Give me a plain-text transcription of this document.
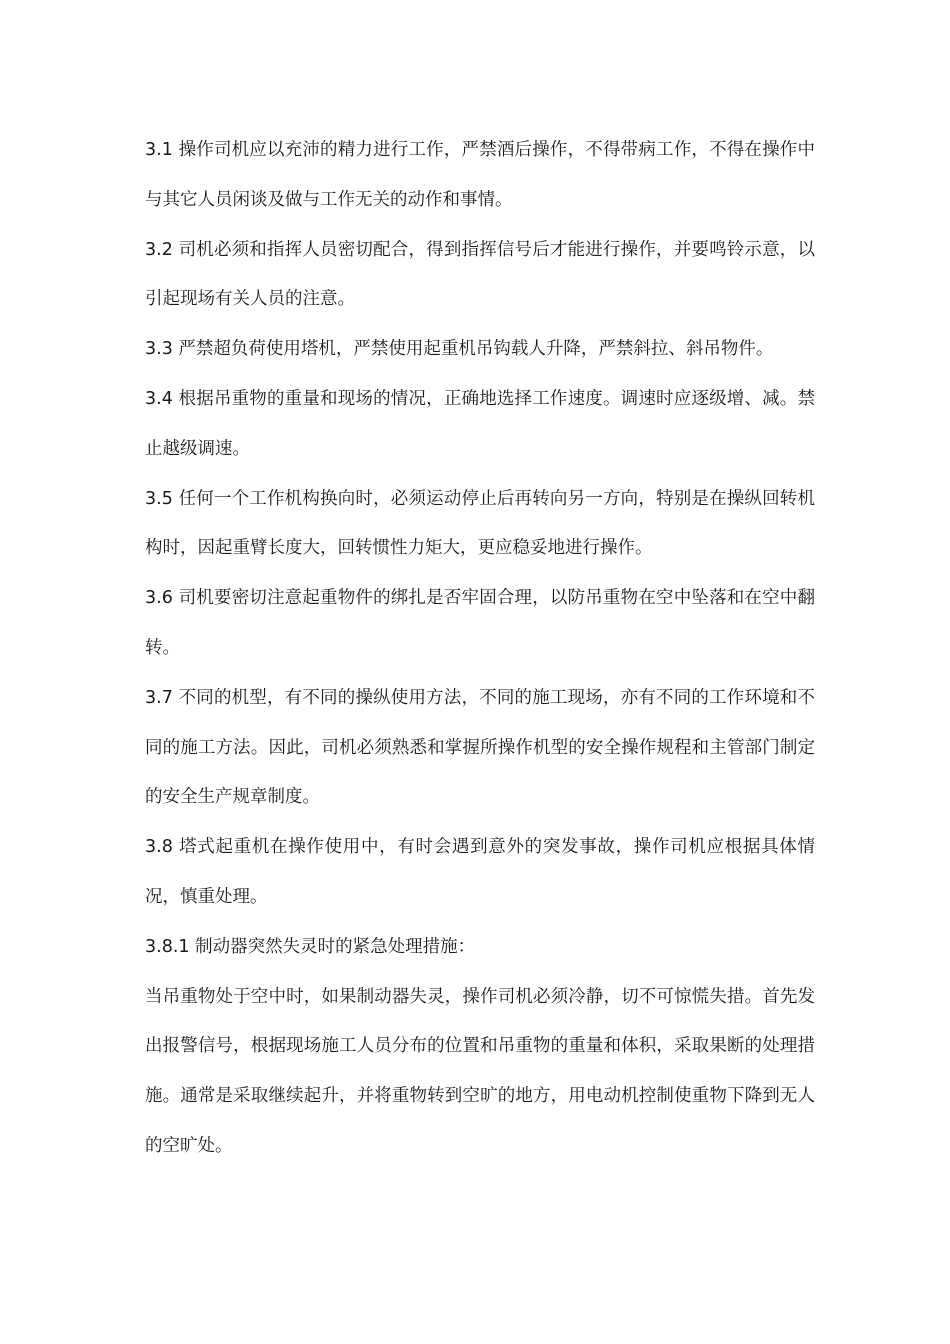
3.1 操作司机应以充沛的精力进行工作，严禁酒后操作，不得带病工作，不得在操作中与其它人员闲谈及做与工作无关的动作和事情。

3.2 司机必须和指挥人员密切配合，得到指挥信号后才能进行操作，并要鸣铃示意，以引起现场有关人员的注意。

3.3 严禁超负荷使用塔机，严禁使用起重机吊钩载人升降，严禁斜拉、斜吊物件。

3.4 根据吊重物的重量和现场的情况，正确地选择工作速度。调速时应逐级增、减。禁止越级调速。

3.5 任何一个工作机构换向时，必须运动停止后再转向另一方向，特别是在操纵回转机构时，因起重臂长度大，回转惯性力矩大，更应稳妥地进行操作。

3.6 司机要密切注意起重物件的绑扎是否牢固合理，以防吊重物在空中坠落和在空中翻转。

3.7 不同的机型，有不同的操纵使用方法，不同的施工现场，亦有不同的工作环境和不同的施工方法。因此，司机必须熟悉和掌握所操作机型的安全操作规程和主管部门制定的安全生产规章制度。

3.8 塔式起重机在操作使用中，有时会遇到意外的突发事故，操作司机应根据具体情况，慎重处理。

3.8.1 制动器突然失灵时的紧急处理措施：

当吊重物处于空中时，如果制动器失灵，操作司机必须冷静，切不可惊慌失措。首先发出报警信号，根据现场施工人员分布的位置和吊重物的重量和体积，采取果断的处理措施。通常是采取继续起升，并将重物转到空旷的地方，用电动机控制使重物下降到无人的空旷处。
